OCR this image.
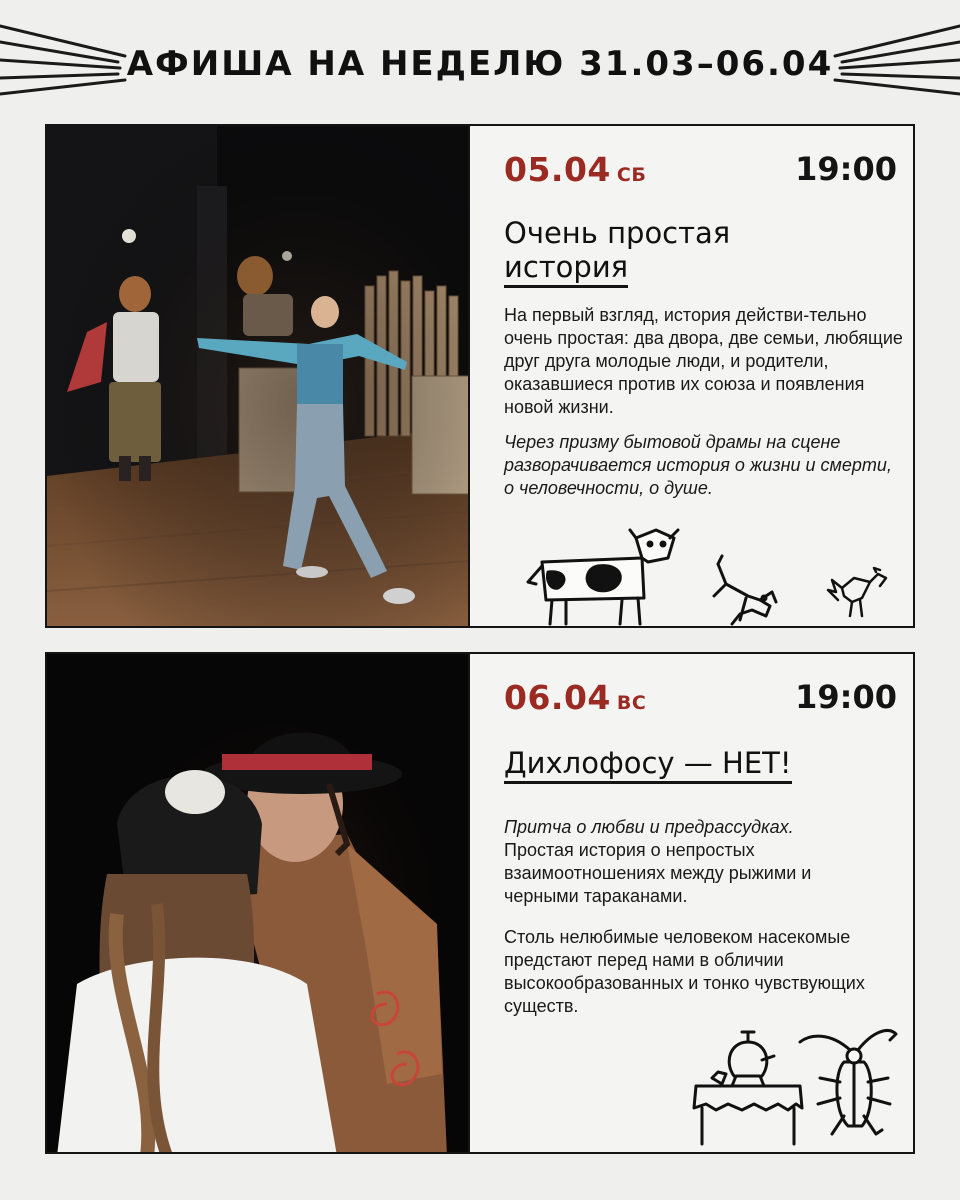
АФИША НА НЕДЕЛЮ 31.03–06.04
05.04 СБ	19:00
Очень простая
история

На первый взгляд, история действи-тельно очень простая: два двора, две семьи, любящие друг друга молодые люди, и родители, оказавшиеся против их союза и появления новой жизни.

Через призму бытовой драмы на сцене разворачивается история о жизни и смерти, о человечности, о душе.

06.04 ВС	19:00
Дихлофосу — НЕТ!

Притча о любви и предрассудках.
Простая история о непростых взаимоотношениях между рыжими и черными тараканами.

Столь нелюбимые человеком насекомые предстают перед нами в обличии высокообразованных и тонко чувствующих существ.
